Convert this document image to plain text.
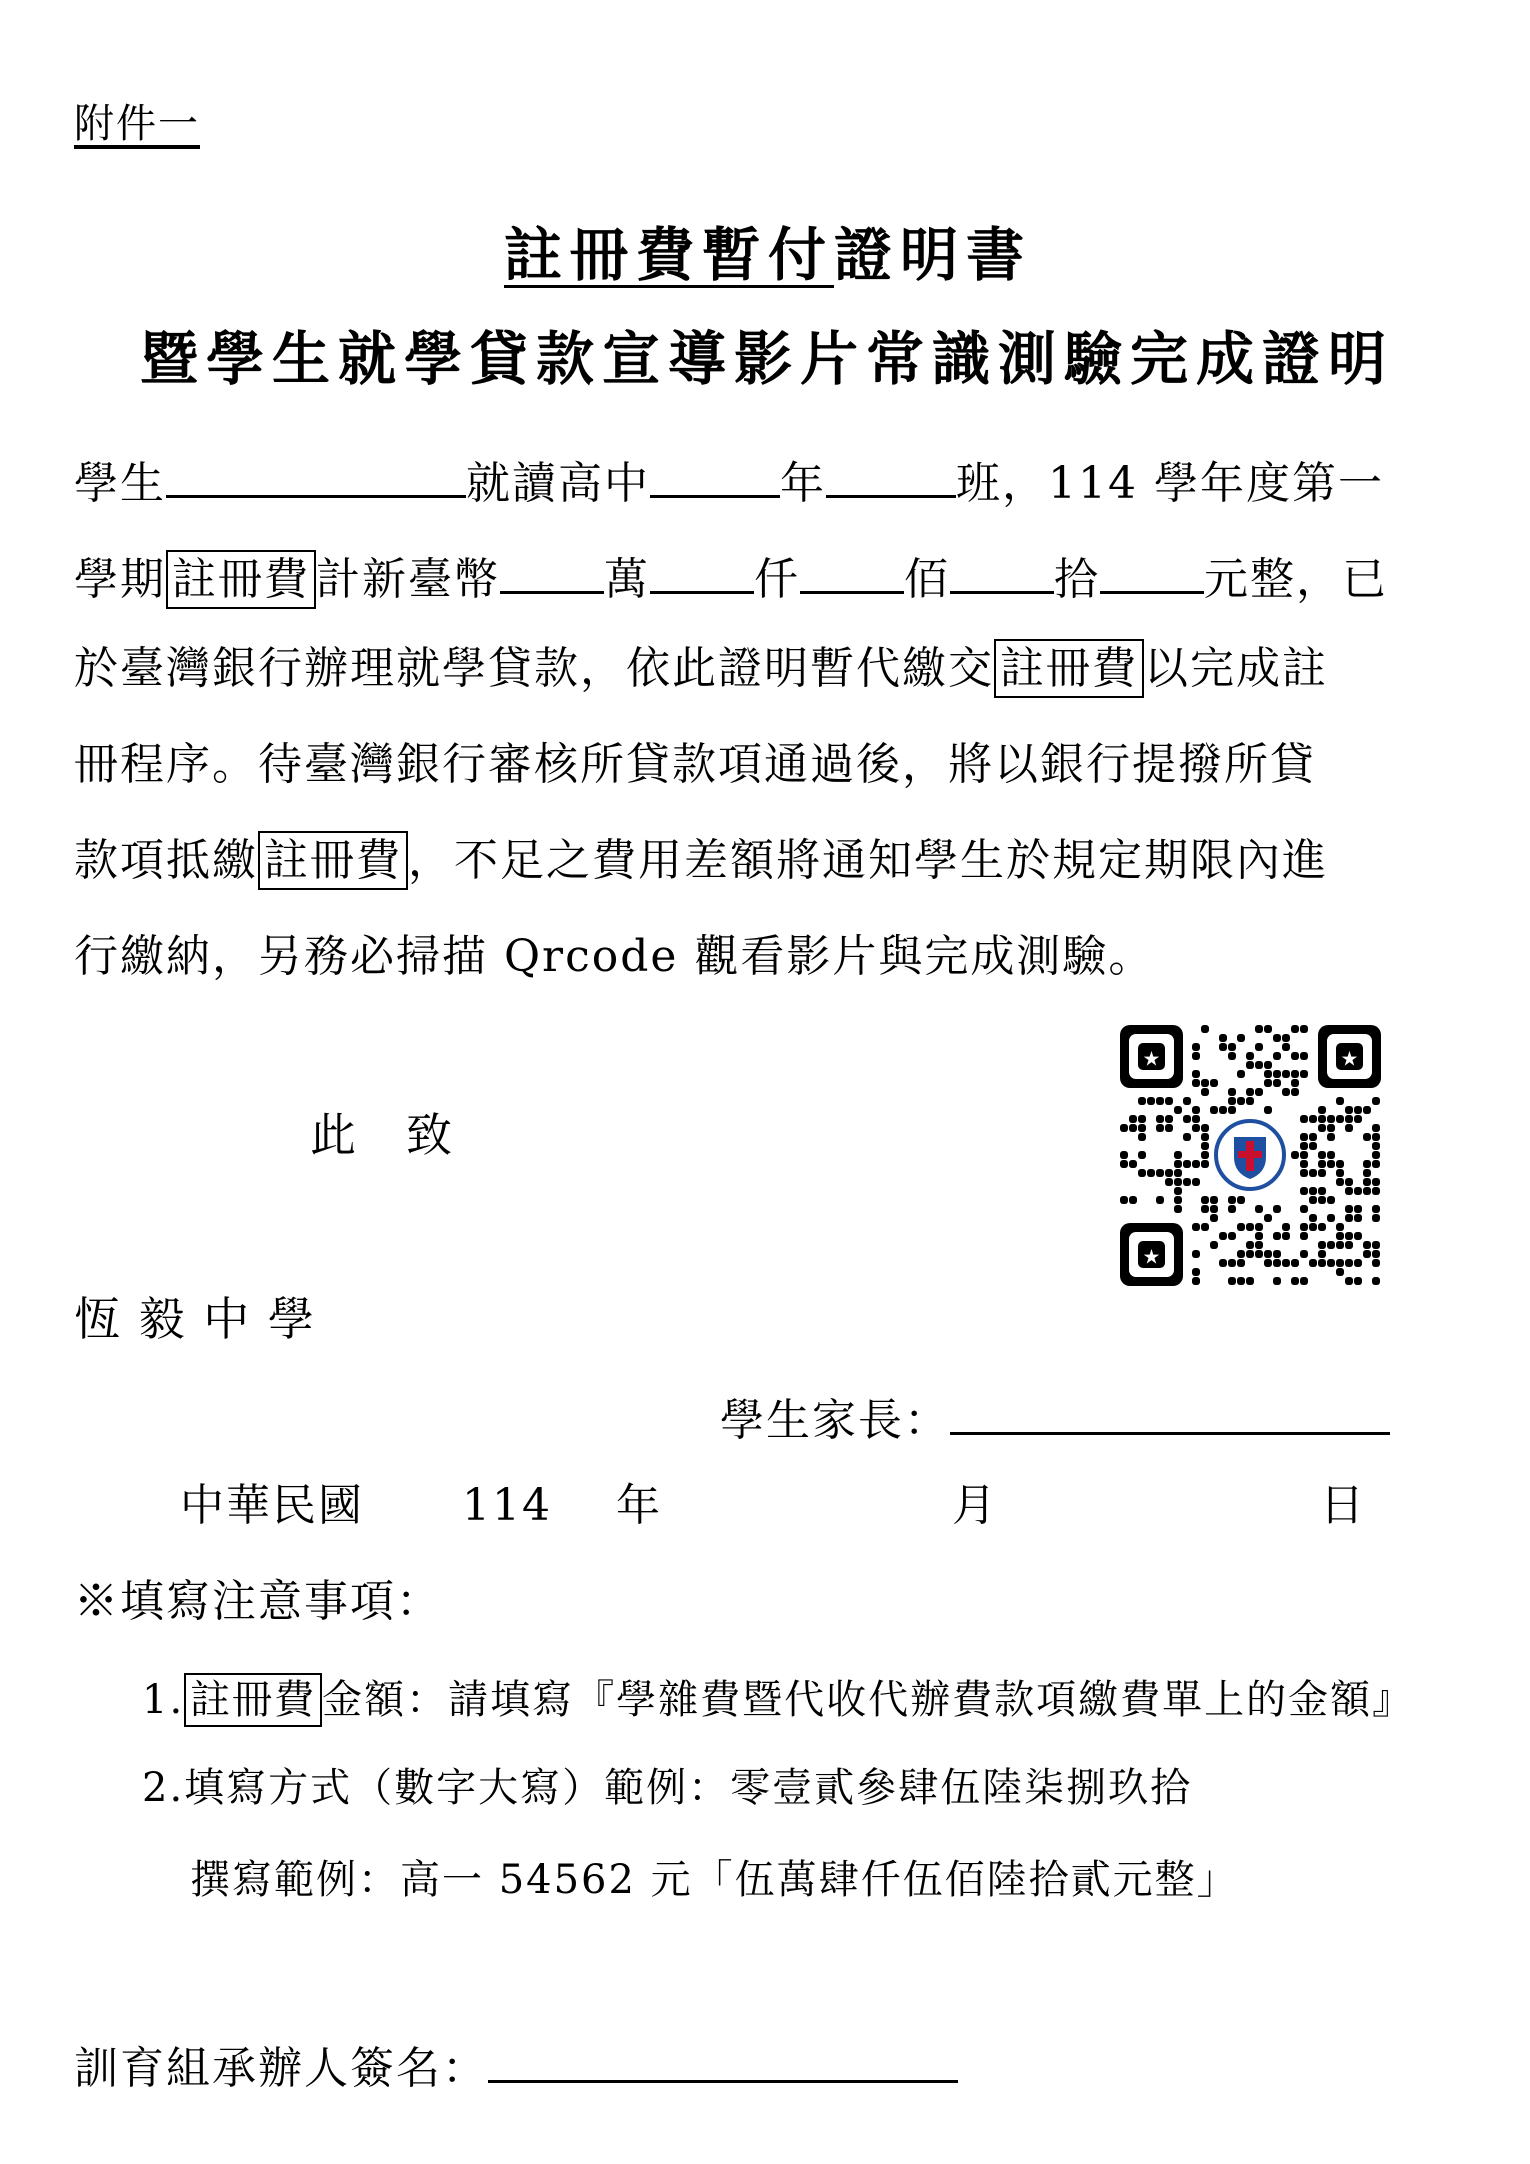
附件一
註冊費暫付證明書
暨學生就學貸款宣導影片常識測驗完成證明
學生	就讀高中	年	班，114 學年度第一
學期 註冊費 計新臺幣 萬 仟 佰 拾 元整，已
於臺灣銀行辦理就學貸款，依此證明暫代繳交 註冊費 以完成註
冊程序。待臺灣銀行審核所貸款項通過後，將以銀行提撥所貸
款項抵繳 註冊費 ，不足之費用差額將通知學生於規定期限內進
行繳納，另務必掃描 Qrcode 觀看影片與完成測驗。
★	★
★
此　致
恆 毅 中 學
學生家長：
中華民國 114 年	月	日
※填寫注意事項：
1. 註冊費 金額：請填寫『學雜費暨代收代辦費款項繳費單上的金額』
2.填寫方式（數字大寫）範例：零壹貳參肆伍陸柒捌玖拾
撰寫範例：高一 54562 元「伍萬肆仟伍佰陸拾貳元整」
訓育組承辦人簽名：
